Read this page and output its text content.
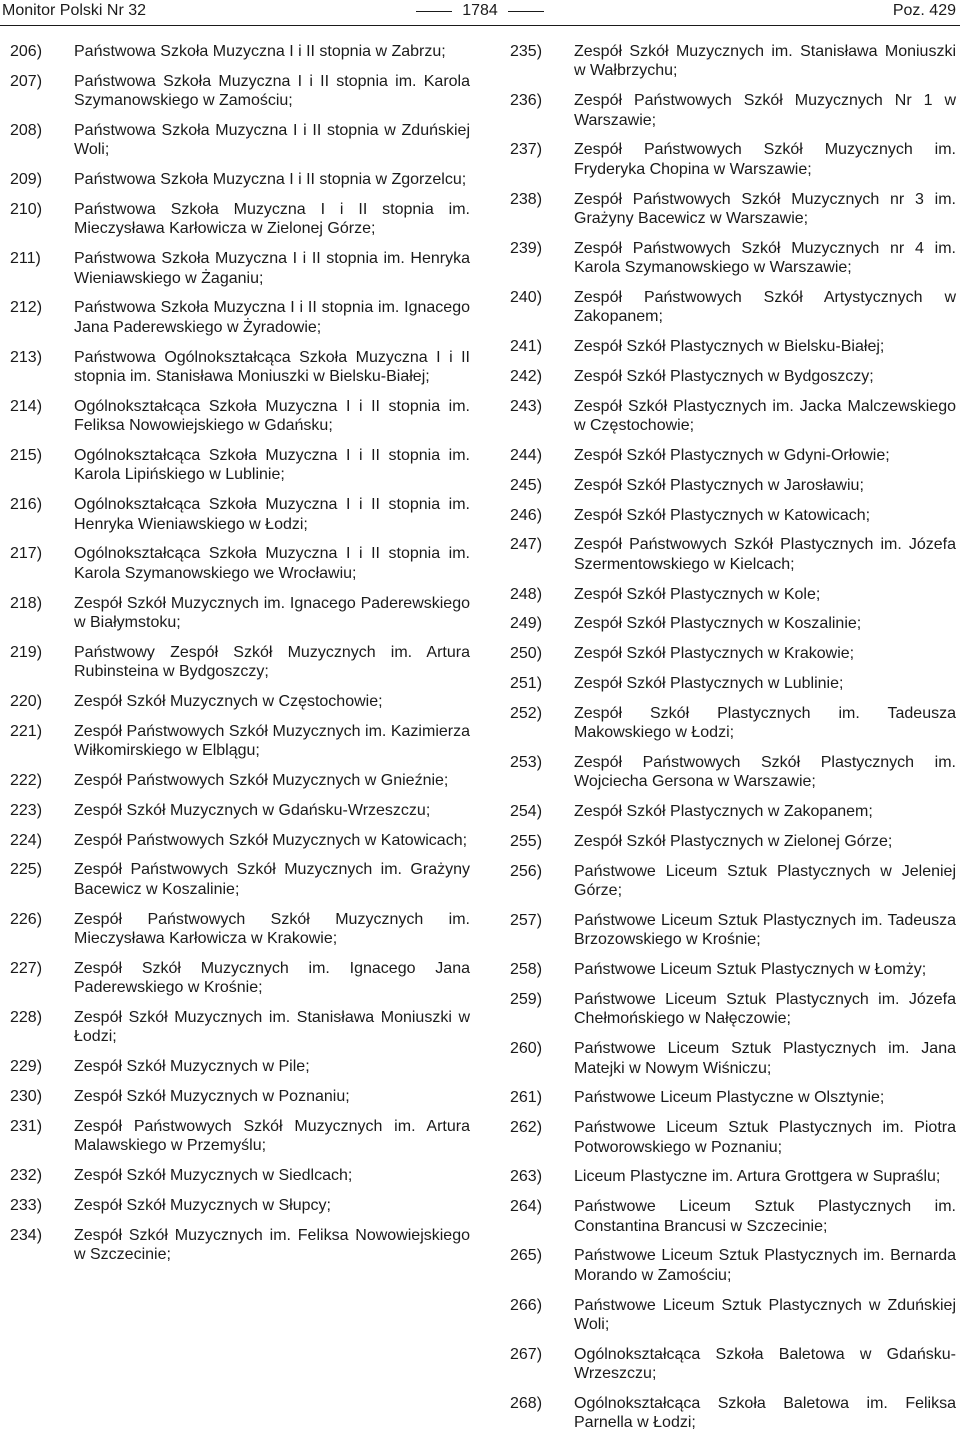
Monitor Polski Nr 32	1784	Poz. 429
206)	Państwowa Szkoła Muzyczna I i II stopnia w Zabrzu;
207)	Państwowa Szkoła Muzyczna I i II stopnia im. Karola Szymanowskiego w Zamościu;
208)	Państwowa Szkoła Muzyczna I i II stopnia w Zduńskiej Woli;
209)	Państwowa Szkoła Muzyczna I i II stopnia w Zgorzelcu;
210)	Państwowa Szkoła Muzyczna I i II stopnia im. Mieczysława Karłowicza w Zielonej Górze;
211)	Państwowa Szkoła Muzyczna I i II stopnia im. Henryka Wieniawskiego w Żaganiu;
212)	Państwowa Szkoła Muzyczna I i II stopnia im. Ignacego Jana Paderewskiego w Żyradowie;
213)	Państwowa Ogólnokształcąca Szkoła Muzyczna I i II stopnia im. Stanisława Moniuszki w Bielsku-Białej;
214)	Ogólnokształcąca Szkoła Muzyczna I i II stopnia im. Feliksa Nowowiejskiego w Gdańsku;
215)	Ogólnokształcąca Szkoła Muzyczna I i II stopnia im. Karola Lipińskiego w Lublinie;
216)	Ogólnokształcąca Szkoła Muzyczna I i II stopnia im. Henryka Wieniawskiego w Łodzi;
217)	Ogólnokształcąca Szkoła Muzyczna I i II stopnia im. Karola Szymanowskiego we Wrocławiu;
218)	Zespół Szkół Muzycznych im. Ignacego Paderewskiego w Białymstoku;
219)	Państwowy Zespół Szkół Muzycznych im. Artura Rubinsteina w Bydgoszczy;
220)	Zespół Szkół Muzycznych w Częstochowie;
221)	Zespół Państwowych Szkół Muzycznych im. Kazimierza Wiłkomirskiego w Elblągu;
222)	Zespół Państwowych Szkół Muzycznych w Gnieźnie;
223)	Zespół Szkół Muzycznych w Gdańsku-Wrzeszczu;
224)	Zespół Państwowych Szkół Muzycznych w Katowicach;
225)	Zespół Państwowych Szkół Muzycznych im. Grażyny Bacewicz w Koszalinie;
226)	Zespół Państwowych Szkół Muzycznych im. Mieczysława Karłowicza w Krakowie;
227)	Zespół Szkół Muzycznych im. Ignacego Jana Paderewskiego w Krośnie;
228)	Zespół Szkół Muzycznych im. Stanisława Moniuszki w Łodzi;
229)	Zespół Szkół Muzycznych w Pile;
230)	Zespół Szkół Muzycznych w Poznaniu;
231)	Zespół Państwowych Szkół Muzycznych im. Artura Malawskiego w Przemyślu;
232)	Zespół Szkół Muzycznych w Siedlcach;
233)	Zespół Szkół Muzycznych w Słupcy;
234)	Zespół Szkół Muzycznych im. Feliksa Nowowiejskiego w Szczecinie;
235)	Zespół Szkół Muzycznych im. Stanisława Moniuszki w Wałbrzychu;
236)	Zespół Państwowych Szkół Muzycznych Nr 1 w Warszawie;
237)	Zespół Państwowych Szkół Muzycznych im. Fryderyka Chopina w Warszawie;
238)	Zespół Państwowych Szkół Muzycznych nr 3 im. Grażyny Bacewicz w Warszawie;
239)	Zespół Państwowych Szkół Muzycznych nr 4 im. Karola Szymanowskiego w Warszawie;
240)	Zespół Państwowych Szkół Artystycznych w Zakopanem;
241)	Zespół Szkół Plastycznych w Bielsku-Białej;
242)	Zespół Szkół Plastycznych w Bydgoszczy;
243)	Zespół Szkół Plastycznych im. Jacka Malczewskiego w Częstochowie;
244)	Zespół Szkół Plastycznych w Gdyni-Orłowie;
245)	Zespół Szkół Plastycznych w Jarosławiu;
246)	Zespół Szkół Plastycznych w Katowicach;
247)	Zespół Państwowych Szkół Plastycznych im. Józefa Szermentowskiego w Kielcach;
248)	Zespół Szkół Plastycznych w Kole;
249)	Zespół Szkół Plastycznych w Koszalinie;
250)	Zespół Szkół Plastycznych w Krakowie;
251)	Zespół Szkół Plastycznych w Lublinie;
252)	Zespół Szkół Plastycznych im. Tadeusza Makowskiego w Łodzi;
253)	Zespół Państwowych Szkół Plastycznych im. Wojciecha Gersona w Warszawie;
254)	Zespół Szkół Plastycznych w Zakopanem;
255)	Zespół Szkół Plastycznych w Zielonej Górze;
256)	Państwowe Liceum Sztuk Plastycznych w Jeleniej Górze;
257)	Państwowe Liceum Sztuk Plastycznych im. Tadeusza Brzozowskiego w Krośnie;
258)	Państwowe Liceum Sztuk Plastycznych w Łomży;
259)	Państwowe Liceum Sztuk Plastycznych im. Józefa Chełmońskiego w Nałęczowie;
260)	Państwowe Liceum Sztuk Plastycznych im. Jana Matejki w Nowym Wiśniczu;
261)	Państwowe Liceum Plastyczne w Olsztynie;
262)	Państwowe Liceum Sztuk Plastycznych im. Piotra Potworowskiego w Poznaniu;
263)	Liceum Plastyczne im. Artura Grottgera w Supraślu;
264)	Państwowe Liceum Sztuk Plastycznych im. Constantina Brancusi w Szczecinie;
265)	Państwowe Liceum Sztuk Plastycznych im. Bernarda Morando w Zamościu;
266)	Państwowe Liceum Sztuk Plastycznych w Zduńskiej Woli;
267)	Ogólnokształcąca Szkoła Baletowa w Gdańsku-Wrzeszczu;
268)	Ogólnokształcąca Szkoła Baletowa im. Feliksa Parnella w Łodzi;
